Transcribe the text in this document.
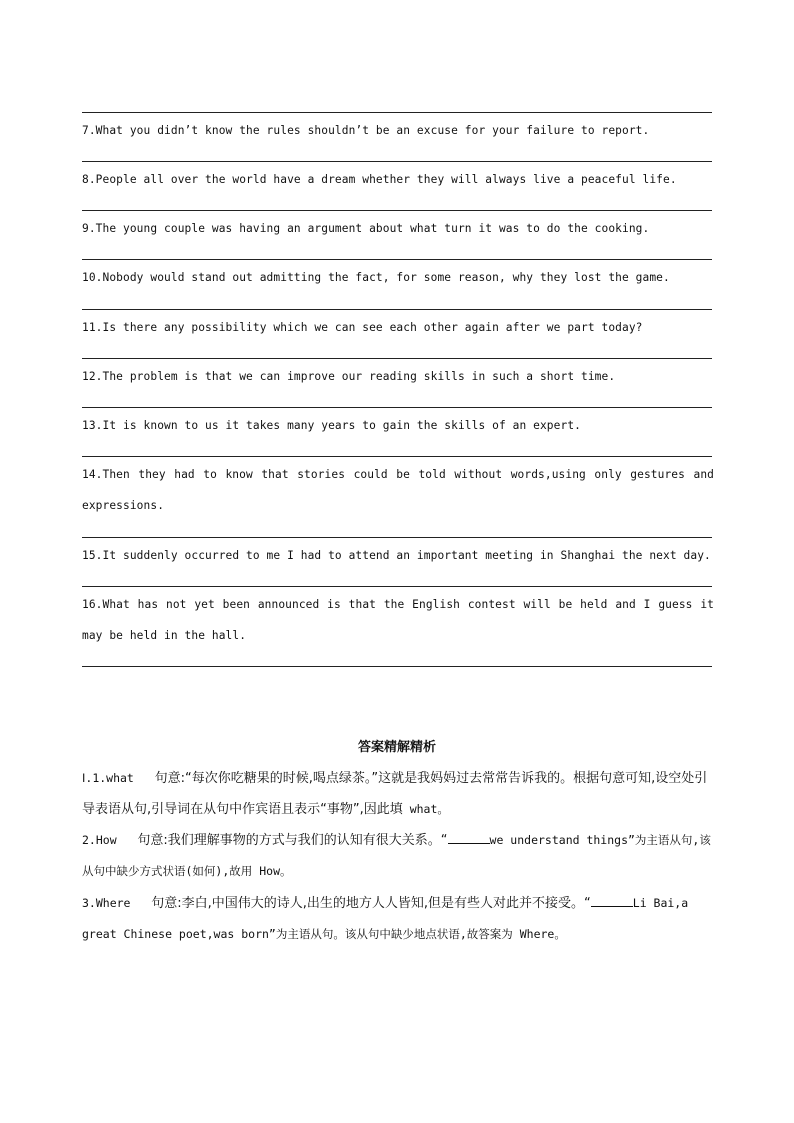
7.What you didn’t know the rules shouldn’t be an excuse for your failure to report.
8.People all over the world have a dream whether they will always live a peaceful life.
9.The young couple was having an argument about what turn it was to do the cooking.
10.Nobody would stand out admitting the fact, for some reason, why they lost the game.
11.Is there any possibility which we can see each other again after we part today?
12.The problem is that we can improve our reading skills in such a short time.
13.It is known to us it takes many years to gain the skills of an expert.
14.Then they had to know that stories could be told without words,using only gestures and expressions.
15.It suddenly occurred to me I had to attend an important meeting in Shanghai the next day.
16.What has not yet been announced is that the English contest will be held and I guess it may be held in the hall.
答案精解精析
Ⅰ.1.what 句意:“每次你吃糖果的时候,喝点绿茶。”这就是我妈妈过去常常告诉我的。根据句意可知,设空处引导表语从句,引导词在从句中作宾语且表示“事物”,因此填 what。
2.How 句意:我们理解事物的方式与我们的认知有很大关系。“	we understand things”为主语从句,该从句中缺少方式状语(如何),故用 How。
3.Where 句意:李白,中国伟大的诗人,出生的地方人人皆知,但是有些人对此并不接受。“	Li Bai,a great Chinese poet,was born”为主语从句。该从句中缺少地点状语,故答案为 Where。
